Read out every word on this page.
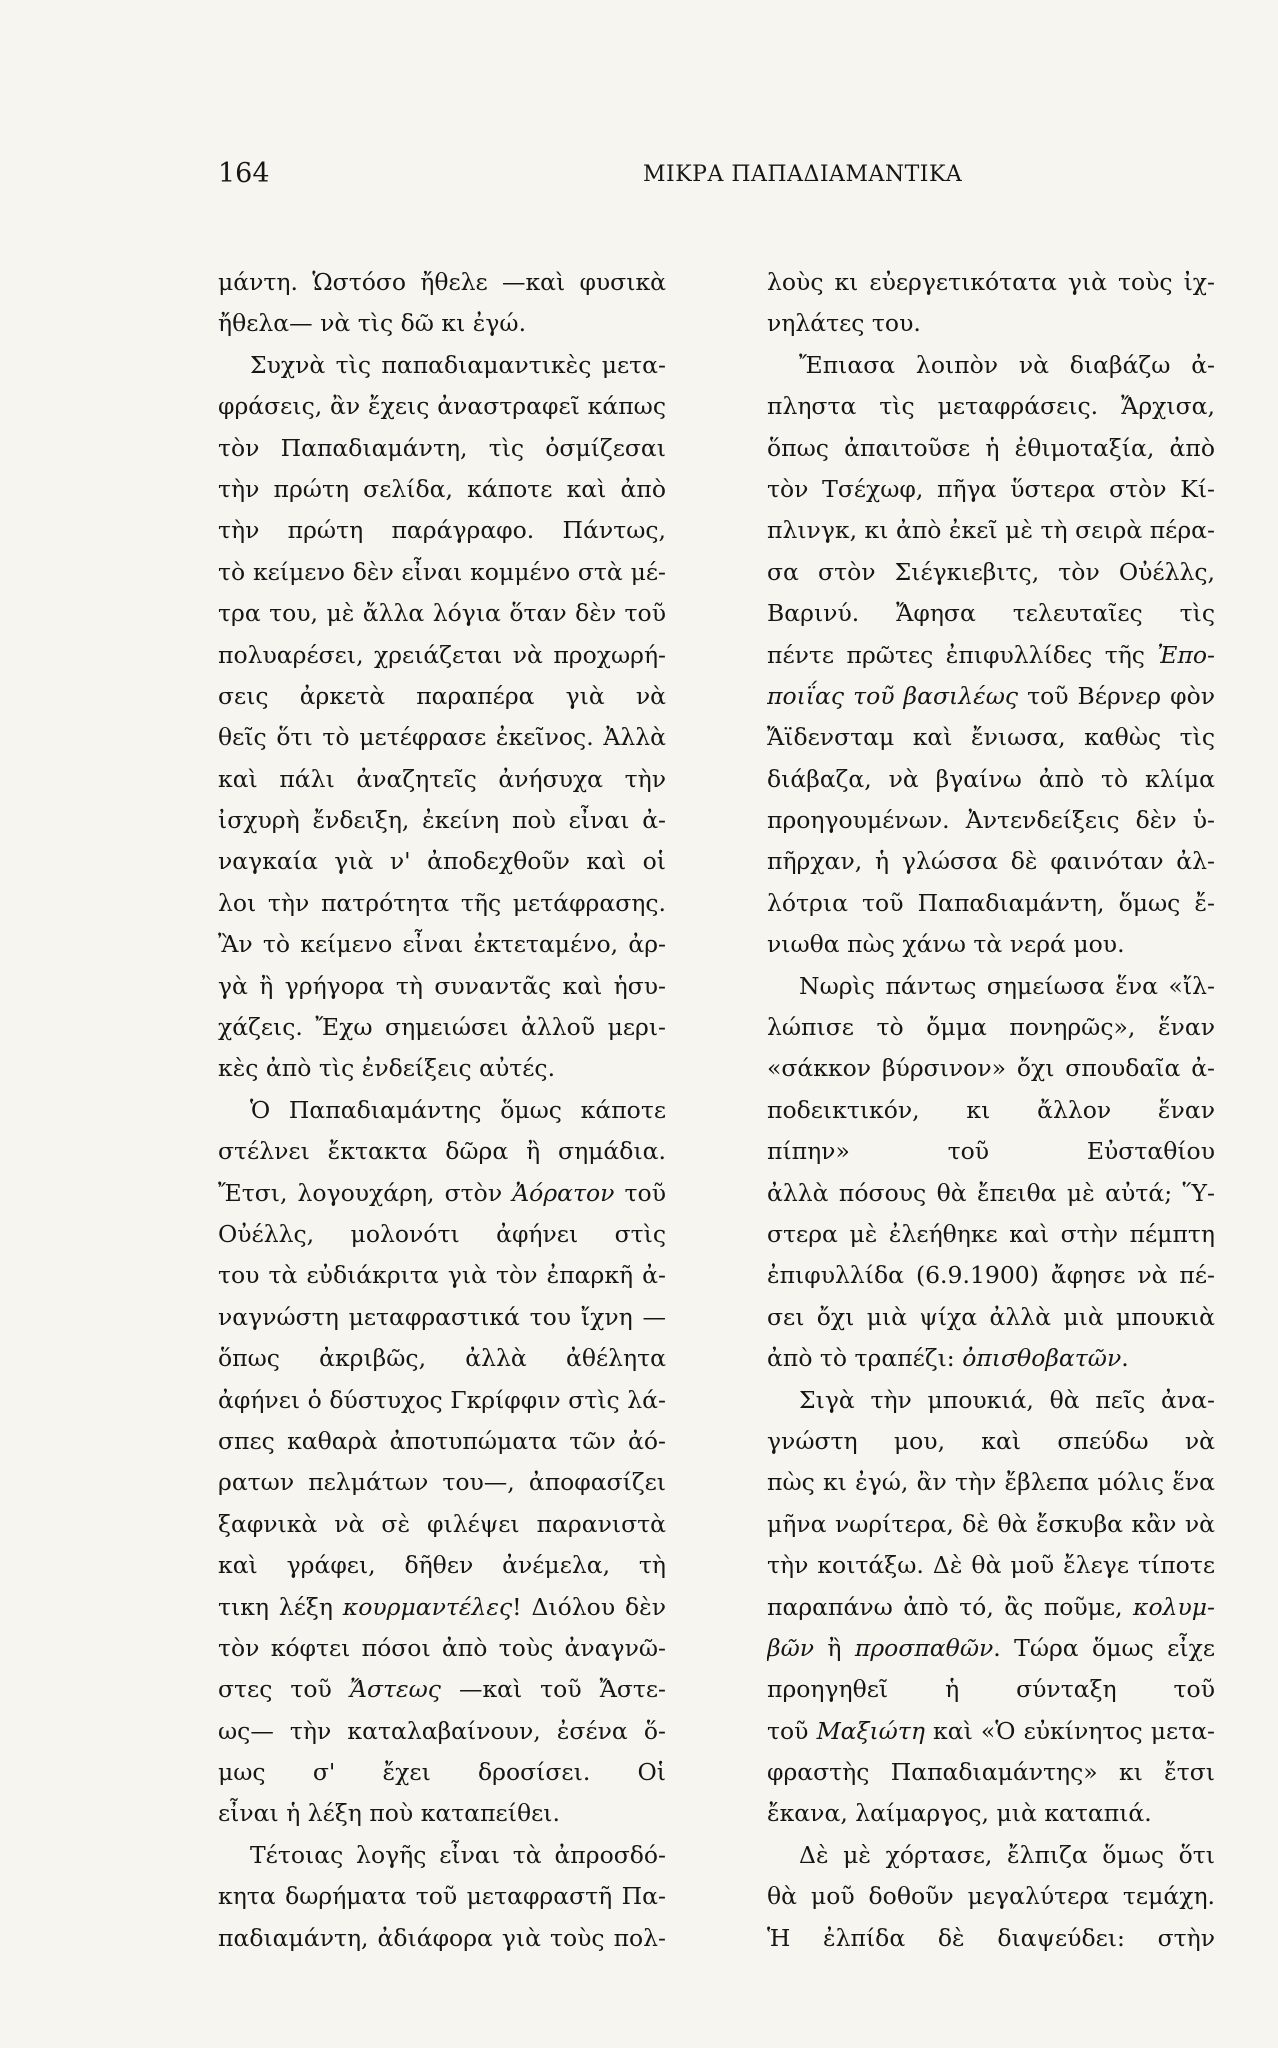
164	ΜΙΚΡΑ ΠΑΠΑΔΙΑΜΑΝΤΙΚΑ
μάντη. Ὡστόσο ἤθελε —καὶ φυσικὰ
ἤθελα— νὰ τὶς δῶ κι ἐγώ.
Συχνὰ τὶς παπαδιαμαντικὲς μετα-
φράσεις, ἂν ἔχεις ἀναστραφεῖ κάπως
τὸν Παπαδιαμάντη, τὶς ὀσμίζεσαι
τὴν πρώτη σελίδα, κάποτε καὶ ἀπὸ
τὴν πρώτη παράγραφο. Πάντως,
τὸ κείμενο δὲν εἶναι κομμένο στὰ μέ-
τρα του, μὲ ἄλλα λόγια ὅταν δὲν τοῦ
πολυαρέσει, χρειάζεται νὰ προχωρή-
σεις ἀρκετὰ παραπέρα γιὰ νὰ
θεῖς ὅτι τὸ μετέφρασε ἐκεῖνος. Ἀλλὰ
καὶ πάλι ἀναζητεῖς ἀνήσυχα τὴν
ἰσχυρὴ ἔνδειξη, ἐκείνη ποὺ εἶναι ἀ-
ναγκαία γιὰ ν' ἀποδεχθοῦν καὶ οἱ
λοι τὴν πατρότητα τῆς μετάφρασης.
Ἂν τὸ κείμενο εἶναι ἐκτεταμένο, ἀρ-
γὰ ἢ γρήγορα τὴ συναντᾶς καὶ ἡσυ-
χάζεις. Ἔχω σημειώσει ἀλλοῦ μερι-
κὲς ἀπὸ τὶς ἐνδείξεις αὐτές.
Ὁ Παπαδιαμάντης ὅμως κάποτε
στέλνει ἔκτακτα δῶρα ἢ σημάδια.
Ἔτσι, λογουχάρη, στὸν Ἀόρατον τοῦ
Οὐέλλς, μολονότι ἀφήνει στὶς
του τὰ εὐδιάκριτα γιὰ τὸν ἐπαρκῆ ἀ-
ναγνώστη μεταφραστικά του ἴχνη —
ὅπως ἀκριβῶς, ἀλλὰ ἀθέλητα
ἀφήνει ὁ δύστυχος Γκρίφφιν στὶς λά-
σπες καθαρὰ ἀποτυπώματα τῶν ἀό-
ρατων πελμάτων του—, ἀποφασίζει
ξαφνικὰ νὰ σὲ φιλέψει παρανιστὰ
καὶ γράφει, δῆθεν ἀνέμελα, τὴ
τικη λέξη κουρμαντέλες! Διόλου δὲν
τὸν κόφτει πόσοι ἀπὸ τοὺς ἀναγνῶ-
στες τοῦ Ἄστεως —καὶ τοῦ Ἄστε-
ως— τὴν καταλαβαίνουν, ἐσένα ὅ-
μως σ' ἔχει δροσίσει. Οἱ
εἶναι ἡ λέξη ποὺ καταπείθει.
Τέτοιας λογῆς εἶναι τὰ ἀπροσδό-
κητα δωρήματα τοῦ μεταφραστῆ Πα-
παδιαμάντη, ἀδιάφορα γιὰ τοὺς πολ-
λοὺς κι εὐεργετικότατα γιὰ τοὺς ἰχ-
νηλάτες του.
Ἔπιασα λοιπὸν νὰ διαβάζω ἀ-
πληστα τὶς μεταφράσεις. Ἄρχισα,
ὅπως ἀπαιτοῦσε ἡ ἐθιμοταξία, ἀπὸ
τὸν Τσέχωφ, πῆγα ὕστερα στὸν Κί-
πλινγκ, κι ἀπὸ ἐκεῖ μὲ τὴ σειρὰ πέρα-
σα στὸν Σιέγκιεβιτς, τὸν Οὐέλλς,
Βαρινύ. Ἄφησα τελευταῖες τὶς
πέντε πρῶτες ἐπιφυλλίδες τῆς Ἐπο-
ποιΐας τοῦ βασιλέως τοῦ Βέρνερ φὸν
Ἄϊδενσταμ καὶ ἔνιωσα, καθὼς τὶς
διάβαζα, νὰ βγαίνω ἀπὸ τὸ κλίμα
προηγουμένων. Ἀντενδείξεις δὲν ὑ-
πῆρχαν, ἡ γλώσσα δὲ φαινόταν ἀλ-
λότρια τοῦ Παπαδιαμάντη, ὅμως ἔ-
νιωθα πὼς χάνω τὰ νερά μου.
Νωρὶς πάντως σημείωσα ἕνα «ἴλ-
λώπισε τὸ ὄμμα πονηρῶς», ἕναν
«σάκκον βύρσινον» ὄχι σπουδαῖα ἀ-
ποδεικτικόν, κι ἄλλον ἕναν
πίπην» τοῦ Εὐσταθίου
ἀλλὰ πόσους θὰ ἔπειθα μὲ αὐτά; Ὕ-
στερα μὲ ἐλεήθηκε καὶ στὴν πέμπτη
ἐπιφυλλίδα (6.9.1900) ἄφησε νὰ πέ-
σει ὄχι μιὰ ψίχα ἀλλὰ μιὰ μπουκιὰ
ἀπὸ τὸ τραπέζι: ὀπισθοβατῶν.
Σιγὰ τὴν μπουκιά, θὰ πεῖς ἀνα-
γνώστη μου, καὶ σπεύδω νὰ
πὼς κι ἐγώ, ἂν τὴν ἔβλεπα μόλις ἕνα
μῆνα νωρίτερα, δὲ θὰ ἔσκυβα κἂν νὰ
τὴν κοιτάξω. Δὲ θὰ μοῦ ἔλεγε τίποτε
παραπάνω ἀπὸ τό, ἂς ποῦμε, κολυμ-
βῶν ἢ προσπαθῶν. Τώρα ὅμως εἶχε
προηγηθεῖ ἡ σύνταξη τοῦ
τοῦ Μαξιώτη καὶ «Ὁ εὐκίνητος μετα-
φραστὴς Παπαδιαμάντης» κι ἔτσι
ἔκανα, λαίμαργος, μιὰ καταπιά.
Δὲ μὲ χόρτασε, ἔλπιζα ὅμως ὅτι
θὰ μοῦ δοθοῦν μεγαλύτερα τεμάχη.
Ἡ ἐλπίδα δὲ διαψεύδει: στὴν
